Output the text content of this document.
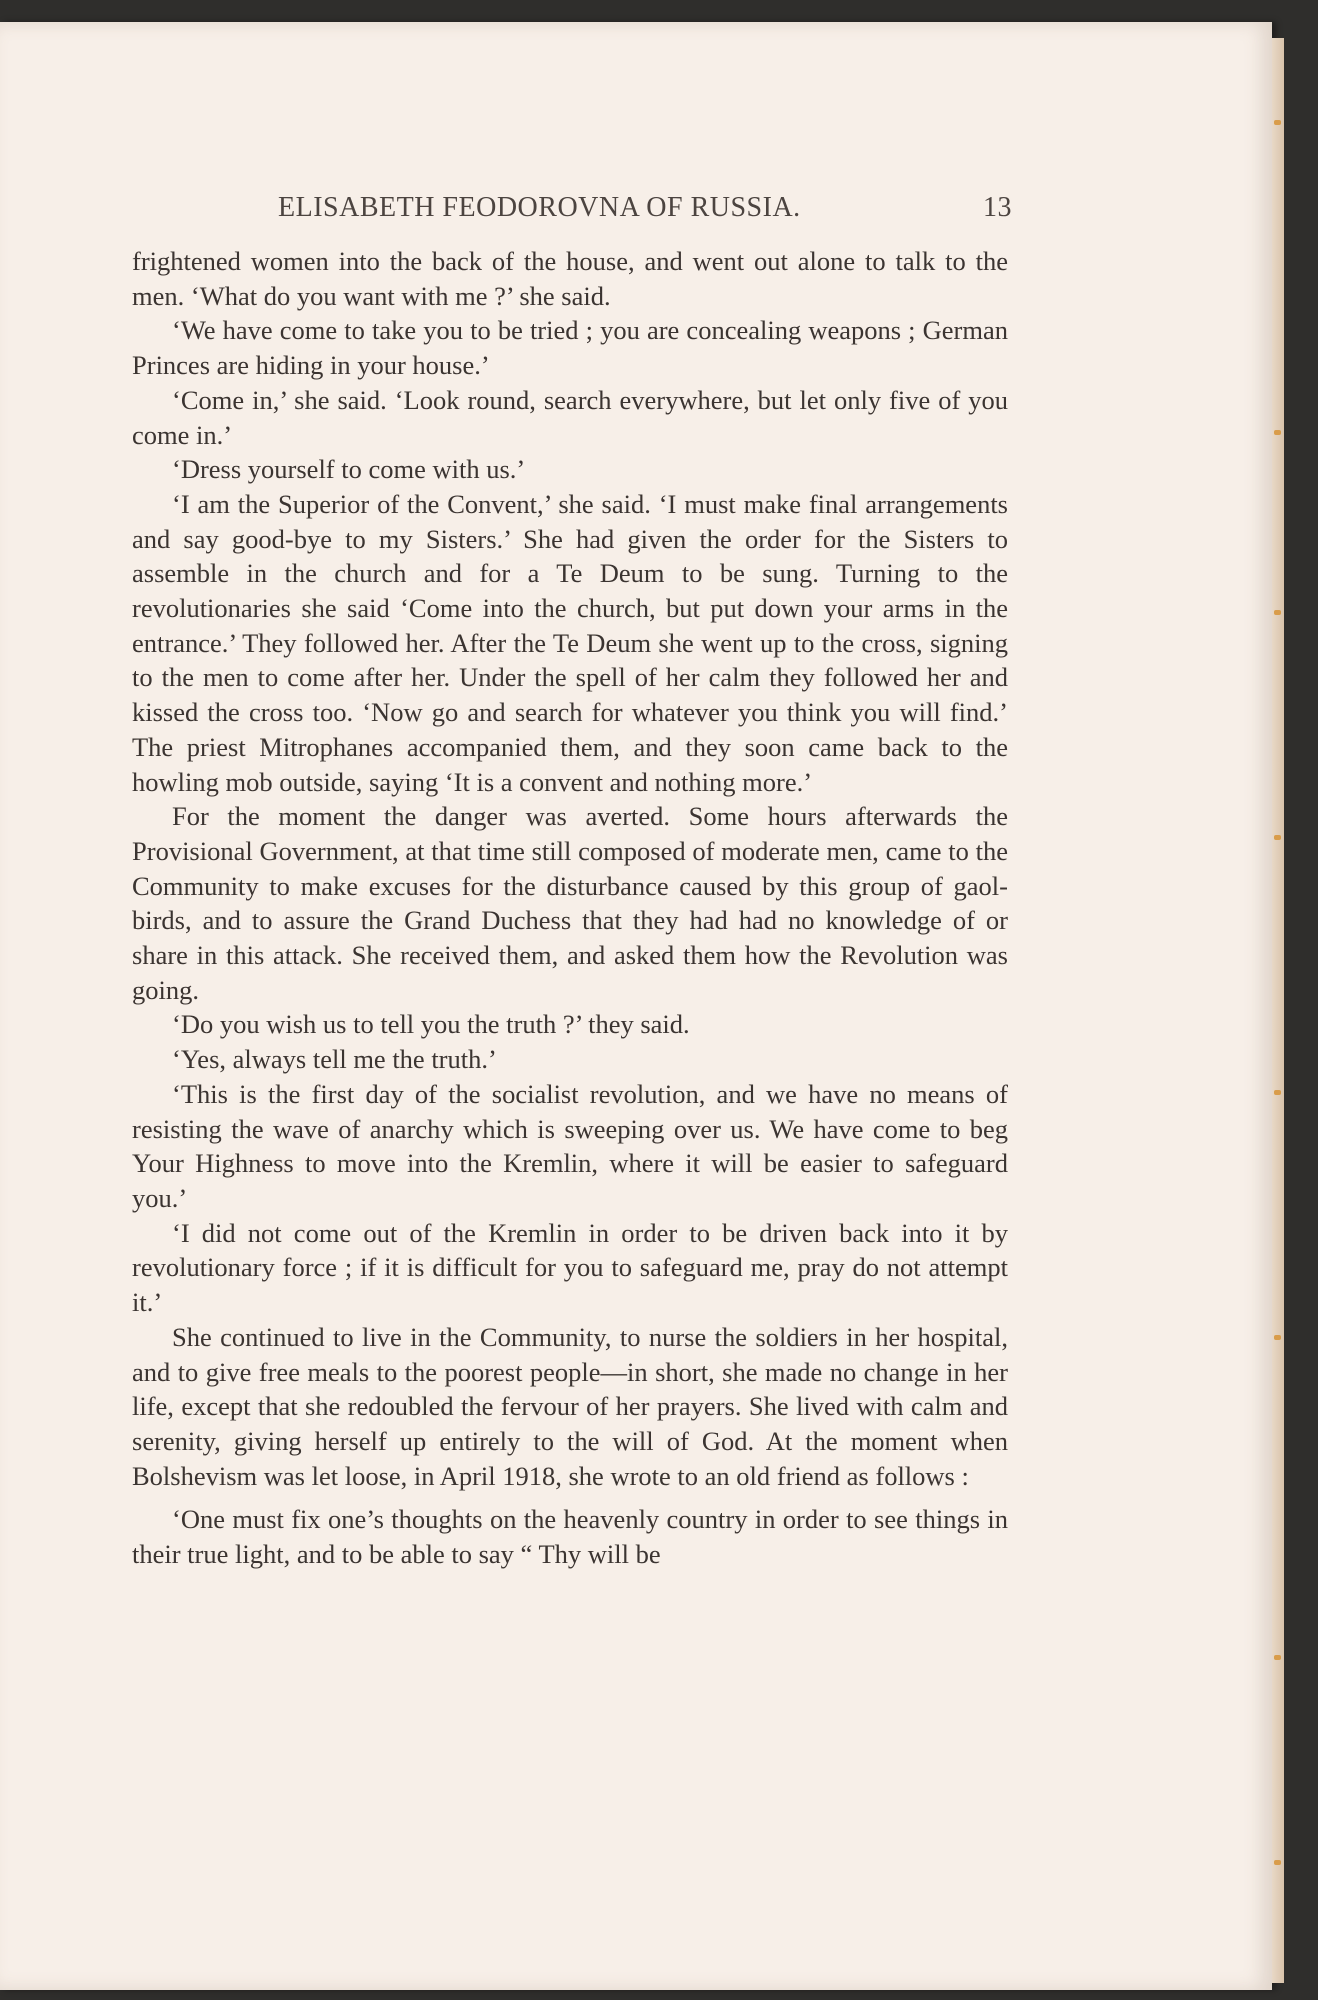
ELISABETH FEODOROVNA OF RUSSIA.	13

frightened women into the back of the house, and went out alone to talk to the men. ‘What do you want with me ?’ she said.

‘We have come to take you to be tried ; you are concealing weapons ; German Princes are hiding in your house.’

‘Come in,’ she said. ‘Look round, search everywhere, but let only five of you come in.’

‘Dress yourself to come with us.’

‘I am the Superior of the Convent,’ she said. ‘I must make final arrangements and say good-bye to my Sisters.’ She had given the order for the Sisters to assemble in the church and for a Te Deum to be sung. Turning to the revolutionaries she said ‘Come into the church, but put down your arms in the entrance.’ They followed her. After the Te Deum she went up to the cross, signing to the men to come after her. Under the spell of her calm they followed her and kissed the cross too. ‘Now go and search for whatever you think you will find.’ The priest Mitrophanes accompanied them, and they soon came back to the howling mob outside, saying ‘It is a convent and nothing more.’

For the moment the danger was averted. Some hours afterwards the Provisional Government, at that time still composed of moderate men, came to the Community to make excuses for the disturbance caused by this group of gaol-birds, and to assure the Grand Duchess that they had had no knowledge of or share in this attack. She received them, and asked them how the Revolution was going.

‘Do you wish us to tell you the truth ?’ they said.

‘Yes, always tell me the truth.’

‘This is the first day of the socialist revolution, and we have no means of resisting the wave of anarchy which is sweeping over us. We have come to beg Your Highness to move into the Kremlin, where it will be easier to safeguard you.’

‘I did not come out of the Kremlin in order to be driven back into it by revolutionary force ; if it is difficult for you to safeguard me, pray do not attempt it.’

She continued to live in the Community, to nurse the soldiers in her hospital, and to give free meals to the poorest people—in short, she made no change in her life, except that she redoubled the fervour of her prayers. She lived with calm and serenity, giving herself up entirely to the will of God. At the moment when Bolshevism was let loose, in April 1918, she wrote to an old friend as follows :

‘One must fix one’s thoughts on the heavenly country in order to see things in their true light, and to be able to say “ Thy will be
